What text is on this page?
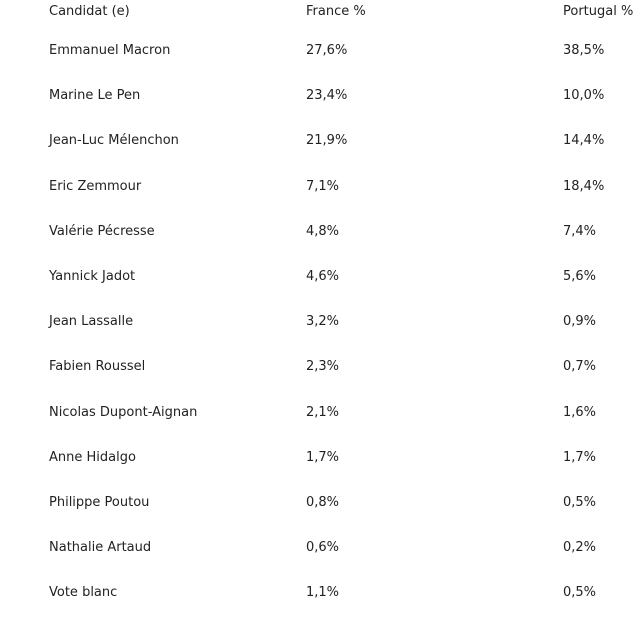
Candidat (e)	France %	Portugal %
Emmanuel Macron	27,6%	38,5%
Marine Le Pen	23,4%	10,0%
Jean-Luc Mélenchon	21,9%	14,4%
Eric Zemmour	7,1%	18,4%
Valérie Pécresse	4,8%	7,4%
Yannick Jadot	4,6%	5,6%
Jean Lassalle	3,2%	0,9%
Fabien Roussel	2,3%	0,7%
Nicolas Dupont-Aignan	2,1%	1,6%
Anne Hidalgo	1,7%	1,7%
Philippe Poutou	0,8%	0,5%
Nathalie Artaud	0,6%	0,2%
Vote blanc	1,1%	0,5%
